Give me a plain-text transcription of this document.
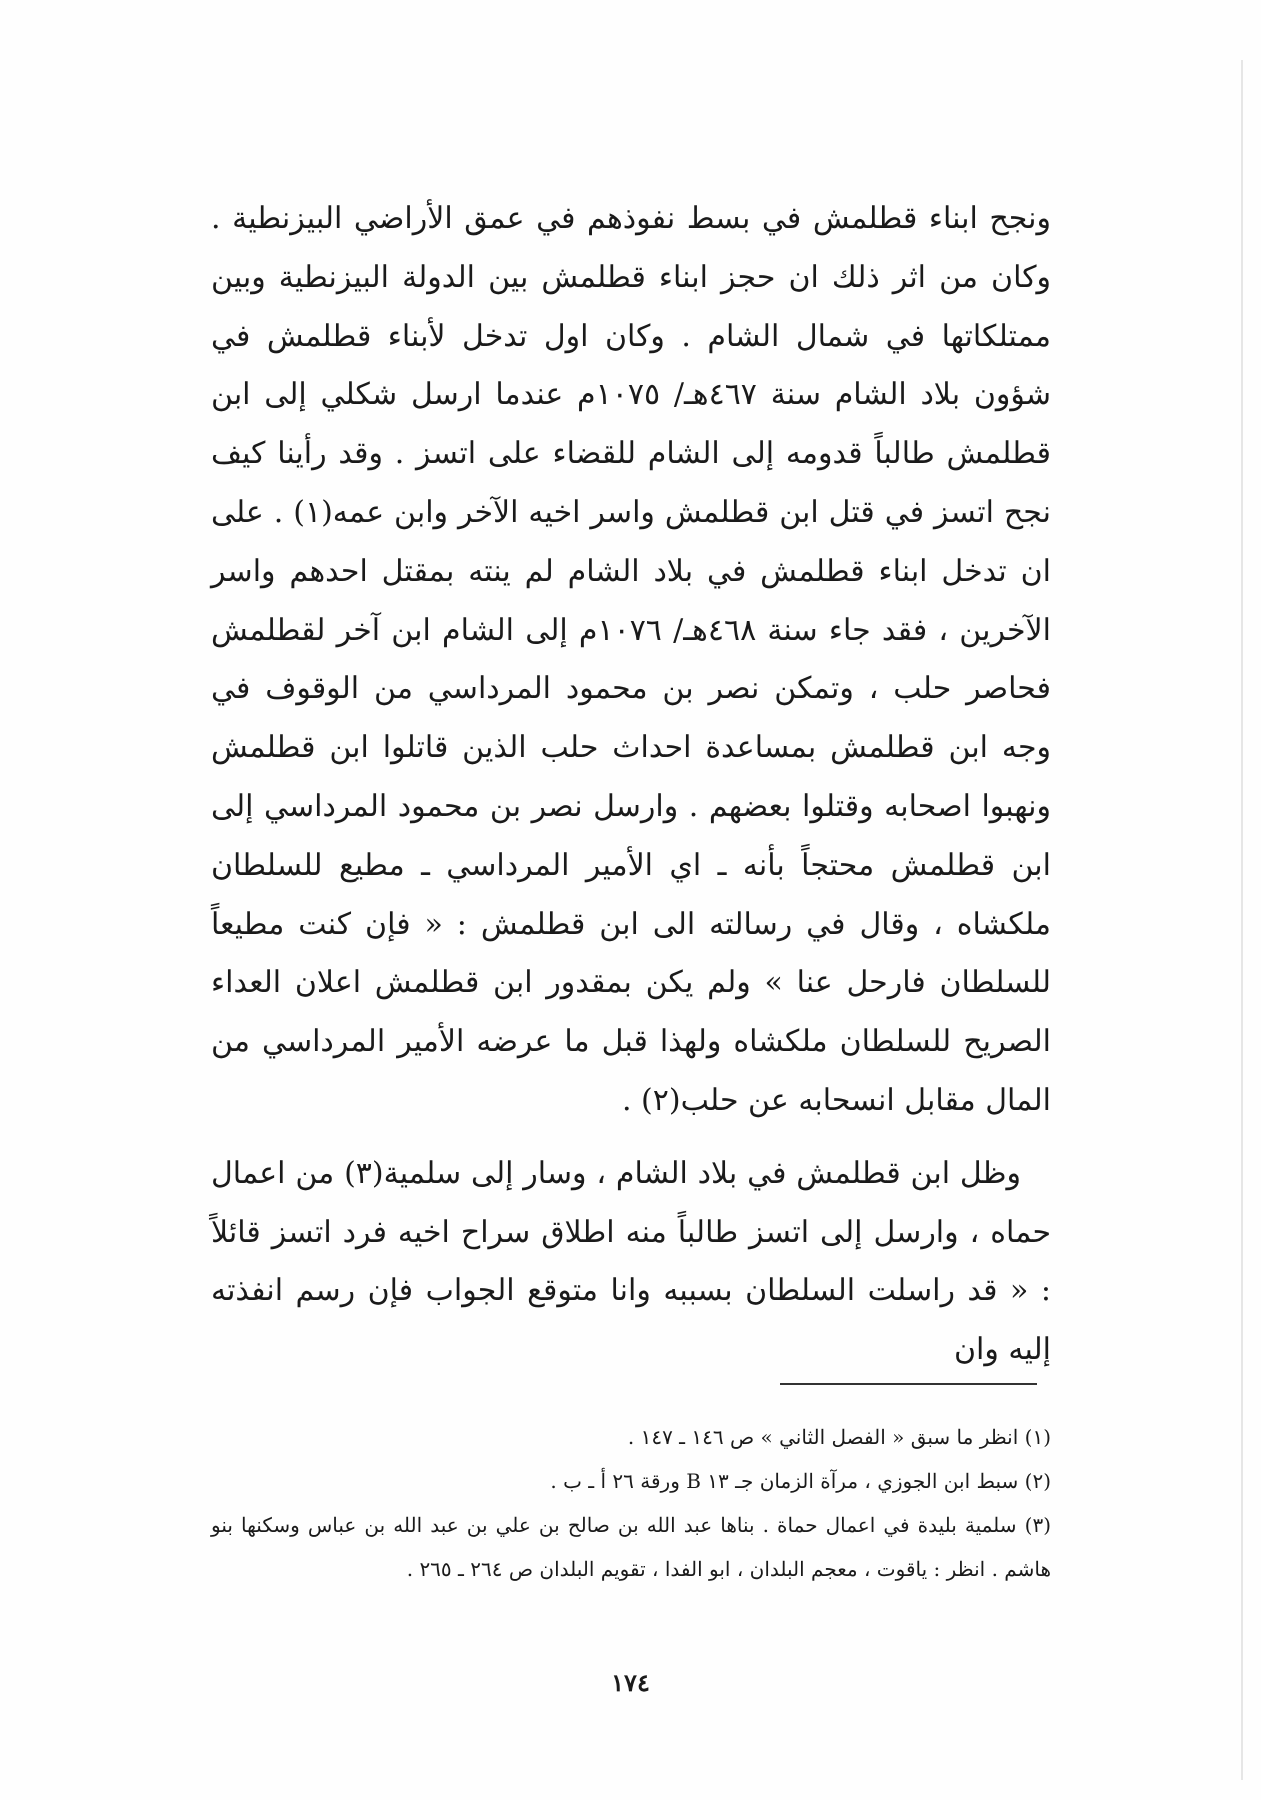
ونجح ابناء قطلمش في بسط نفوذهم في عمق الأراضي البيزنطية . وكان من اثر ذلك ان حجز ابناء قطلمش بين الدولة البيزنطية وبين ممتلكاتها في شمال الشام . وكان اول تدخل لأبناء قطلمش في شؤون بلاد الشام سنة ٤٦٧هـ/ ١٠٧٥م عندما ارسل شكلي إلى ابن قطلمش طالباً قدومه إلى الشام للقضاء على اتسز . وقد رأينا كيف نجح اتسز في قتل ابن قطلمش واسر اخيه الآخر وابن عمه(١) . على ان تدخل ابناء قطلمش في بلاد الشام لم ينته بمقتل احدهم واسر الآخرين ، فقد جاء سنة ٤٦٨هـ/ ١٠٧٦م إلى الشام ابن آخر لقطلمش فحاصر حلب ، وتمكن نصر بن محمود المرداسي من الوقوف في وجه ابن قطلمش بمساعدة احداث حلب الذين قاتلوا ابن قطلمش ونهبوا اصحابه وقتلوا بعضهم . وارسل نصر بن محمود المرداسي إلى ابن قطلمش محتجاً بأنه ـ اي الأمير المرداسي ـ مطيع للسلطان ملكشاه ، وقال في رسالته الى ابن قطلمش : « فإن كنت مطيعاً للسلطان فارحل عنا » ولم يكن بمقدور ابن قطلمش اعلان العداء الصريح للسلطان ملكشاه ولهذا قبل ما عرضه الأمير المرداسي من المال مقابل انسحابه عن حلب(٢) .
وظل ابن قطلمش في بلاد الشام ، وسار إلى سلمية(٣) من اعمال حماه ، وارسل إلى اتسز طالباً منه اطلاق سراح اخيه فرد اتسز قائلاً : « قد راسلت السلطان بسببه وانا متوقع الجواب فإن رسم انفذته إليه وان
(١) انظر ما سبق « الفصل الثاني » ص ١٤٦ ـ ١٤٧ .
(٢) سبط ابن الجوزي ، مرآة الزمان جـ ١٣ B ورقة ٢٦ أ ـ ب .
(٣) سلمية بليدة في اعمال حماة . بناها عبد الله بن صالح بن علي بن عبد الله بن عباس وسكنها بنو هاشم . انظر : ياقوت ، معجم البلدان ، ابو الفدا ، تقويم البلدان ص ٢٦٤ ـ ٢٦٥ .
١٧٤
